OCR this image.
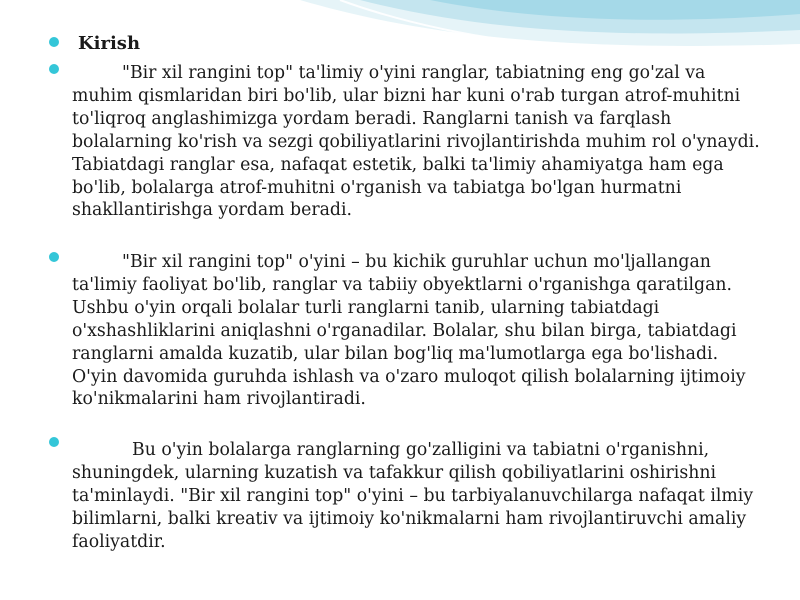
Kirish

"Bir xil rangini top" ta'limiy o'yini ranglar, tabiatning eng go'zal va muhim qismlaridan biri bo'lib, ular bizni har kuni o'rab turgan atrof-muhitni to'liqroq anglashimizga yordam beradi. Ranglarni tanish va farqlash bolalarning ko'rish va sezgi qobiliyatlarini rivojlantirishda muhim rol o'ynaydi. Tabiatdagi ranglar esa, nafaqat estetik, balki ta'limiy ahamiyatga ham ega bo'lib, bolalarga atrof-muhitni o'rganish va tabiatga bo'lgan hurmatni shakllantirishga yordam beradi.

"Bir xil rangini top" o'yini – bu kichik guruhlar uchun mo'ljallangan ta'limiy faoliyat bo'lib, ranglar va tabiiy obyektlarni o'rganishga qaratilgan. Ushbu o'yin orqali bolalar turli ranglarni tanib, ularning tabiatdagi o'xshashliklarini aniqlashni o'rganadilar. Bolalar, shu bilan birga, tabiatdagi ranglarni amalda kuzatib, ular bilan bog'liq ma'lumotlarga ega bo'lishadi. O'yin davomida guruhda ishlash va o'zaro muloqot qilish bolalarning ijtimoiy ko'nikmalarini ham rivojlantiradi.

Bu o'yin bolalarga ranglarning go'zalligini va tabiatni o'rganishni, shuningdek, ularning kuzatish va tafakkur qilish qobiliyatlarini oshirishni ta'minlaydi. "Bir xil rangini top" o'yini – bu tarbiyalanuvchilarga nafaqat ilmiy bilimlarni, balki kreativ va ijtimoiy ko'nikmalarni ham rivojlantiruvchi amaliy faoliyatdir.
